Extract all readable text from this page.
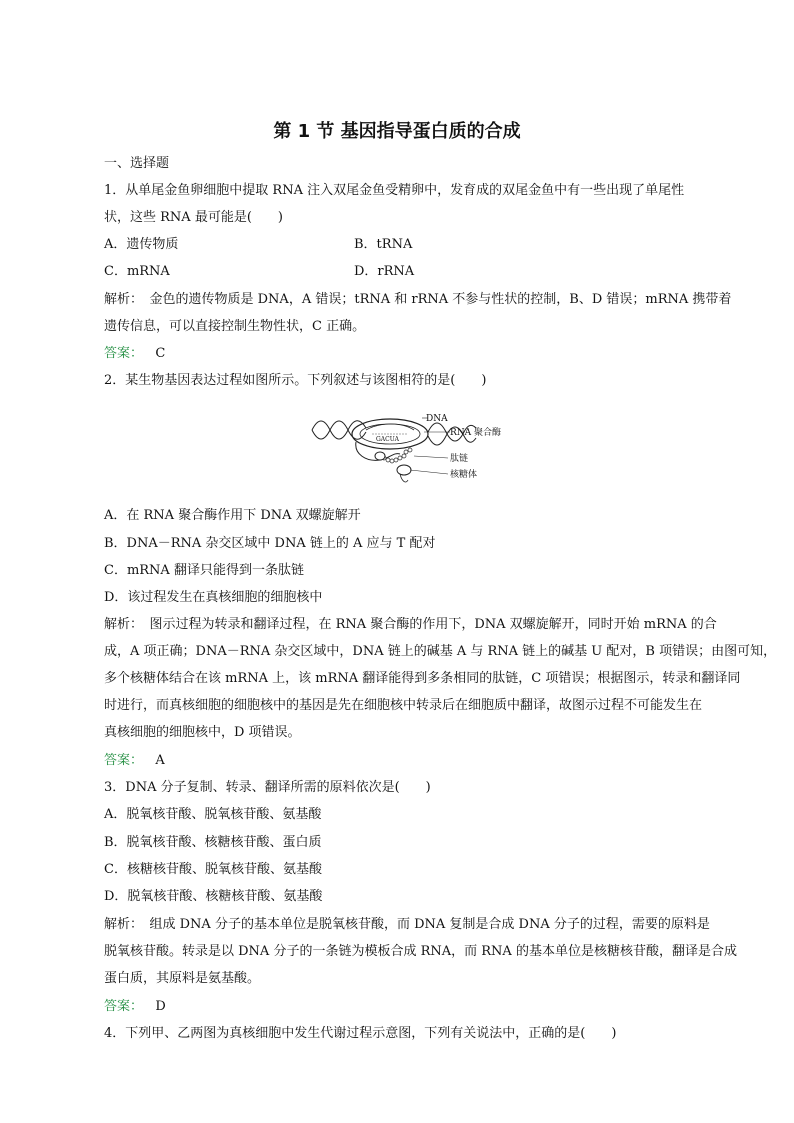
第 1 节 基因指导蛋白质的合成
一、选择题
1．从单尾金鱼卵细胞中提取 RNA 注入双尾金鱼受精卵中，发育成的双尾金鱼中有一些出现了单尾性
状，这些 RNA 最可能是(　　)
A．遗传物质	B．tRNA
C．mRNA	D．rRNA
解析：　金色的遗传物质是 DNA，A 错误；tRNA 和 rRNA 不参与性状的控制，B、D 错误；mRNA 携带着
遗传信息，可以直接控制生物性状，C 正确。
答案： C
2．某生物基因表达过程如图所示。下列叙述与该图相符的是(　　)
GACUA
DNA
RNA 聚合酶
肽链
核糖体
A．在 RNA 聚合酶作用下 DNA 双螺旋解开
B．DNA－RNA 杂交区域中 DNA 链上的 A 应与 T 配对
C．mRNA 翻译只能得到一条肽链
D．该过程发生在真核细胞的细胞核中
解析：　图示过程为转录和翻译过程，在 RNA 聚合酶的作用下，DNA 双螺旋解开，同时开始 mRNA 的合
成，A 项正确；DNA－RNA 杂交区域中，DNA 链上的碱基 A 与 RNA 链上的碱基 U 配对，B 项错误；由图可知，
多个核糖体结合在该 mRNA 上，该 mRNA 翻译能得到多条相同的肽链，C 项错误；根据图示，转录和翻译同
时进行，而真核细胞的细胞核中的基因是先在细胞核中转录后在细胞质中翻译，故图示过程不可能发生在
真核细胞的细胞核中，D 项错误。
答案： A
3．DNA 分子复制、转录、翻译所需的原料依次是(　　)
A．脱氧核苷酸、脱氧核苷酸、氨基酸
B．脱氧核苷酸、核糖核苷酸、蛋白质
C．核糖核苷酸、脱氧核苷酸、氨基酸
D．脱氧核苷酸、核糖核苷酸、氨基酸
解析：　组成 DNA 分子的基本单位是脱氧核苷酸，而 DNA 复制是合成 DNA 分子的过程，需要的原料是
脱氧核苷酸。转录是以 DNA 分子的一条链为模板合成 RNA，而 RNA 的基本单位是核糖核苷酸，翻译是合成
蛋白质，其原料是氨基酸。
答案： D
4．下列甲、乙两图为真核细胞中发生代谢过程示意图，下列有关说法中，正确的是(　　)
